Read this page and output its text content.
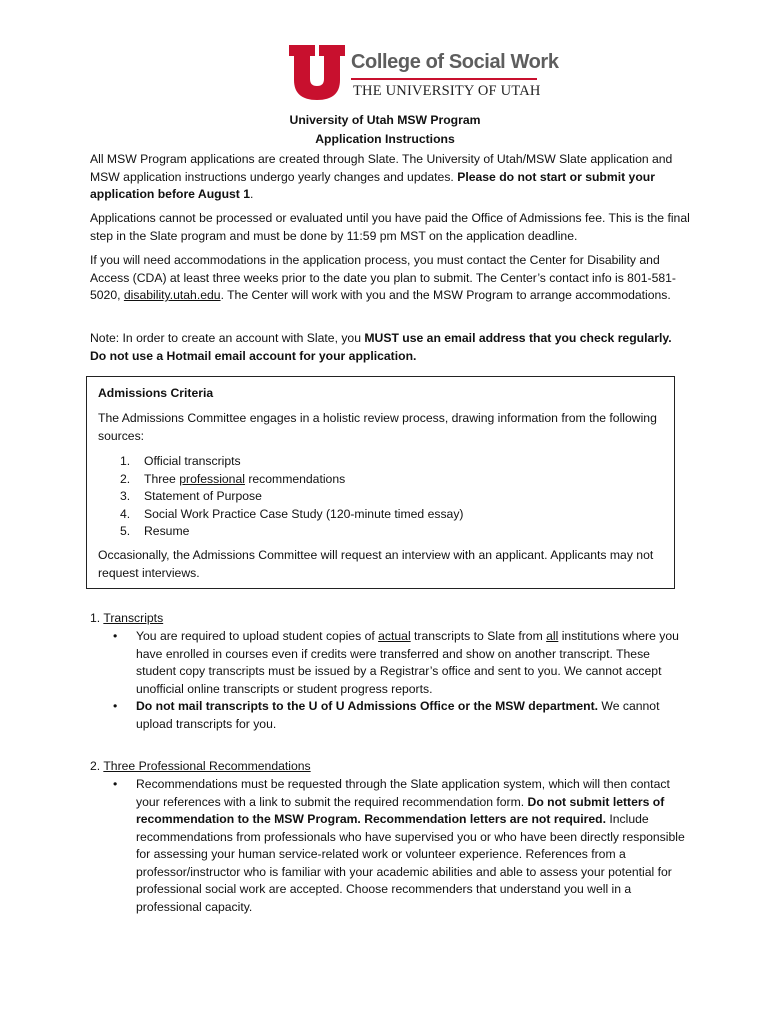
College of Social Work
THE UNIVERSITY OF UTAH
University of Utah MSW Program
Application Instructions
All MSW Program applications are created through Slate. The University of Utah/MSW Slate application and MSW application instructions undergo yearly changes and updates. Please do not start or submit your application before August 1.
Applications cannot be processed or evaluated until you have paid the Office of Admissions fee. This is the final step in the Slate program and must be done by 11:59 pm MST on the application deadline.
If you will need accommodations in the application process, you must contact the Center for Disability and Access (CDA) at least three weeks prior to the date you plan to submit. The Center’s contact info is 801-581-5020, disability.utah.edu. The Center will work with you and the MSW Program to arrange accommodations.
Note: In order to create an account with Slate, you MUST use an email address that you check regularly. Do not use a Hotmail email account for your application.
Admissions Criteria
The Admissions Committee engages in a holistic review process, drawing information from the following sources:
1. Official transcripts
2. Three professional recommendations
3. Statement of Purpose
4. Social Work Practice Case Study (120-minute timed essay)
5. Resume
Occasionally, the Admissions Committee will request an interview with an applicant. Applicants may not request interviews.
1. Transcripts
• You are required to upload student copies of actual transcripts to Slate from all institutions where you have enrolled in courses even if credits were transferred and show on another transcript. These student copy transcripts must be issued by a Registrar’s office and sent to you. We cannot accept unofficial online transcripts or student progress reports.
• Do not mail transcripts to the U of U Admissions Office or the MSW department. We cannot upload transcripts for you.
2. Three Professional Recommendations
• Recommendations must be requested through the Slate application system, which will then contact your references with a link to submit the required recommendation form. Do not submit letters of recommendation to the MSW Program. Recommendation letters are not required. Include recommendations from professionals who have supervised you or who have been directly responsible for assessing your human service-related work or volunteer experience. References from a professor/instructor who is familiar with your academic abilities and able to assess your potential for professional social work are accepted. Choose recommenders that understand you well in a professional capacity.
